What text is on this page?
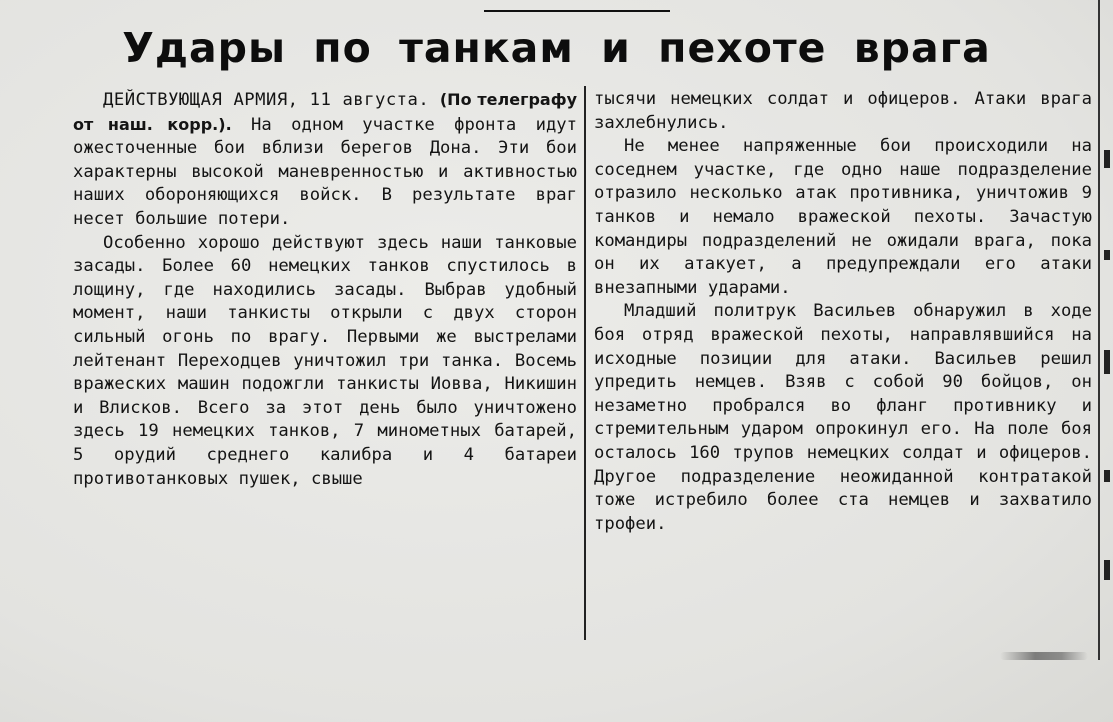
Удары по танкам и пехоте врага

ДЕЙСТВУЮЩАЯ АРМИЯ, 11 августа. (По телеграфу от наш. корр.). На одном участке фронта идут ожесточенные бои вблизи берегов Дона. Эти бои характерны высокой маневренностью и активностью наших обороняющихся войск. В результате враг несет большие потери.

Особенно хорошо действуют здесь наши танковые засады. Более 60 немецких танков спустилось в лощину, где находились засады. Выбрав удобный момент, наши танкисты открыли с двух сторон сильный огонь по врагу. Первыми же выстрелами лейтенант Переходцев уничтожил три танка. Восемь вражеских машин подожгли танкисты Иовва, Никишин и Влисков. Всего за этот день было уничтожено здесь 19 немецких танков, 7 минометных батарей, 5 орудий среднего калибра и 4 батареи противотанковых пушек, свыше

тысячи немецких солдат и офицеров. Атаки врага захлебнулись.

Не менее напряженные бои происходили на соседнем участке, где одно наше подразделение отразило несколько атак противника, уничтожив 9 танков и немало вражеской пехоты. Зачастую командиры подразделений не ожидали врага, пока он их атакует, а предупреждали его атаки внезапными ударами.

Младший политрук Васильев обнаружил в ходе боя отряд вражеской пехоты, направлявшийся на исходные позиции для атаки. Васильев решил упредить немцев. Взяв с собой 90 бойцов, он незаметно пробрался во фланг противнику и стремительным ударом опрокинул его. На поле боя осталось 160 трупов немецких солдат и офицеров. Другое подразделение неожиданной контратакой тоже истребило более ста немцев и захватило трофеи.
